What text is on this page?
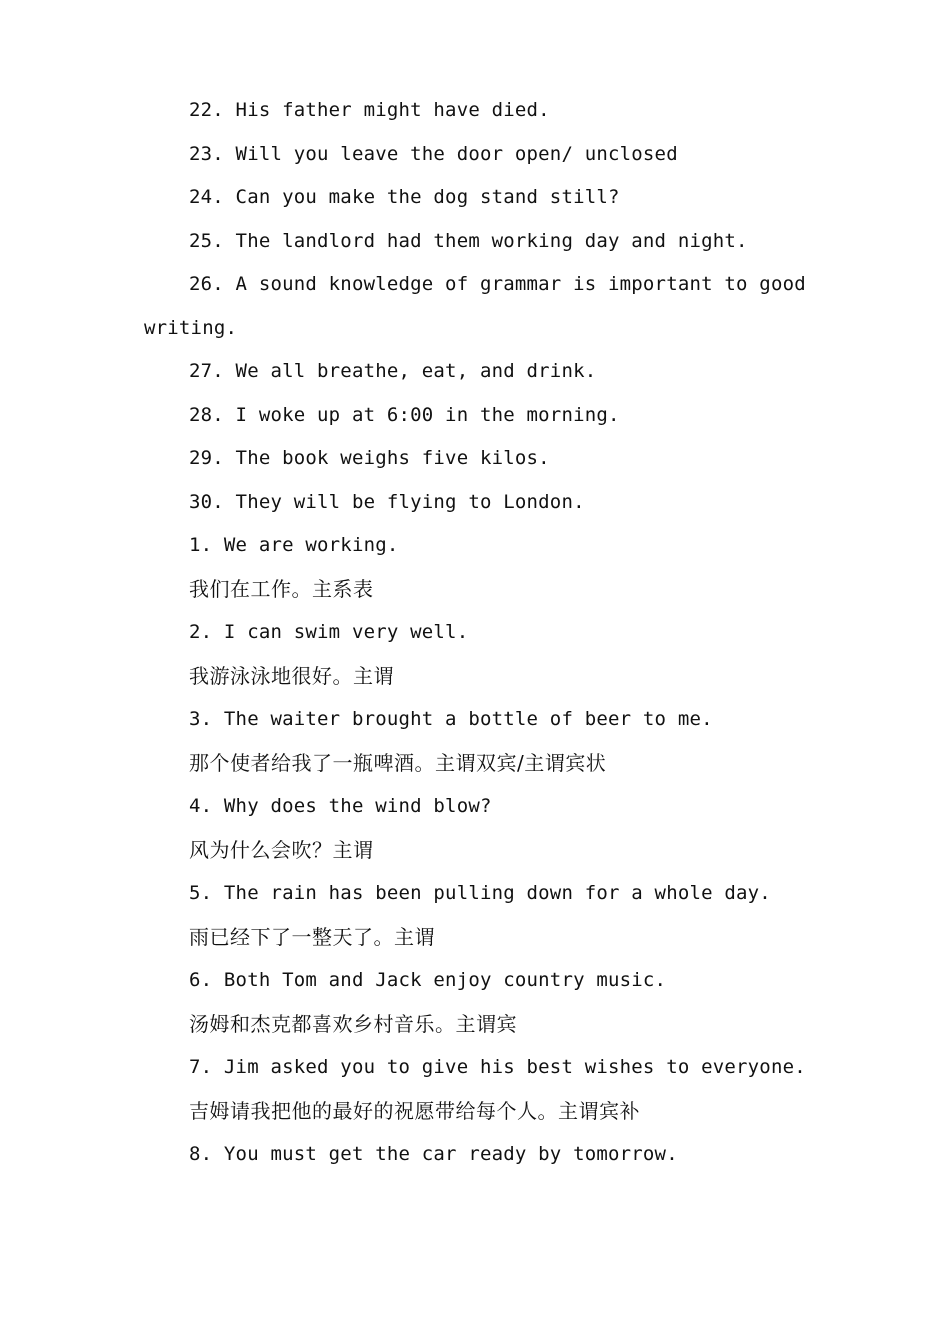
22. His father might have died.
23. Will you leave the door open/ unclosed
24. Can you make the dog stand still?
25. The landlord had them working day and night.
26. A sound knowledge of grammar is important to good
writing.
27. We all breathe, eat, and drink.
28. I woke up at 6:00 in the morning.
29. The book weighs five kilos.
30. They will be flying to London.
1. We are working.
我们在工作。主系表
2. I can swim very well.
我游泳泳地很好。主谓
3. The waiter brought a bottle of beer to me.
那个使者给我了一瓶啤酒。主谓双宾/主谓宾状
4. Why does the wind blow?
风为什么会吹？主谓
5. The rain has been pulling down for a whole day.
雨已经下了一整天了。主谓
6. Both Tom and Jack enjoy country music.
汤姆和杰克都喜欢乡村音乐。主谓宾
7. Jim asked you to give his best wishes to everyone.
吉姆请我把他的最好的祝愿带给每个人。主谓宾补
8. You must get the car ready by tomorrow.
